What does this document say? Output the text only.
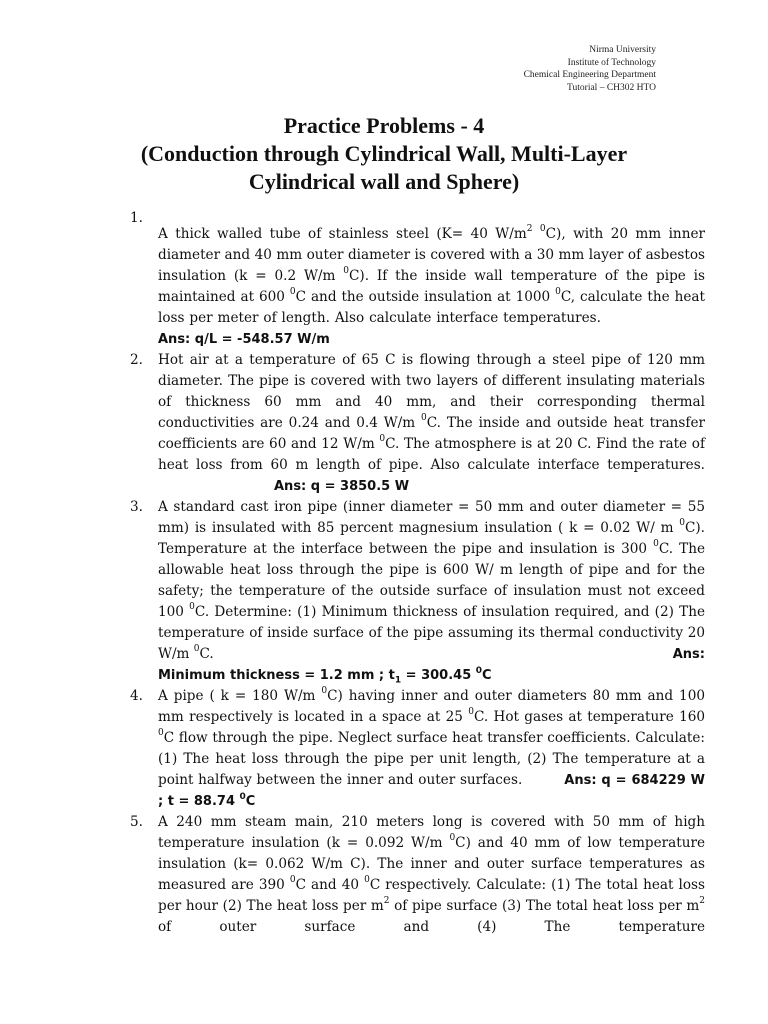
Nirma University
Institute of Technology
Chemical Engineering Department
Tutorial – CH302 HTO
Practice Problems - 4
(Conduction through Cylindrical Wall, Multi-Layer
Cylindrical wall and Sphere)
1.
A thick walled tube of stainless steel (K= 40 $W/m^2$ $^0$C), with 20 mm inner diameter and 40 mm outer diameter is covered with a 30 mm layer of asbestos insulation (k = 0.2 W/m $^0$C). If the inside wall temperature of the pipe is maintained at 600 $^0$C and the outside insulation at 1000 $^0$C, calculate the heat loss per meter of length. Also calculate interface temperatures.Ans: q/L = -548.57 W/m
2.	Hot air at a temperature of 65 C is flowing through a steel pipe of 120 mm diameter. The pipe is covered with two layers of different insulating materials of thickness 60 mm and 40 mm, and their corresponding thermal conductivities are 0.24 and 0.4 W/m $^0$C. The inside and outside heat transfer coefficients are 60 and 12 W/m $^0$C. The atmosphere is at 20 C. Find the rate of heat loss from 60 m length of pipe. Also calculate interface temperatures.Ans: q = 3850.5 W
3.	A standard cast iron pipe (inner diameter = 50 mm and outer diameter = 55 mm) is insulated with 85 percent magnesium insulation ( k = 0.02 W/ m $^0$C). Temperature at the interface between the pipe and insulation is 300 $^0$C. The allowable heat loss through the pipe is 600 W/ m length of pipe and for the safety; the temperature of the outside surface of insulation must not exceed 100 $^0$C. Determine: (1) Minimum thickness of insulation required, and (2) The temperature of inside surface of the pipe assuming its thermal conductivity 20 W/m $^0$C.	Ans:

Minimum thickness = 1.2 mm ; $t_1 = 300.45$ $^0$C
4.	A pipe ( k = 180 W/m $^0$C) having inner and outer diameters 80 mm and 100 mm respectively is located in a space at 25 $^0$C. Hot gases at temperature 160 $^0$C flow through the pipe. Neglect surface heat transfer coefficients. Calculate: (1) The heat loss through the pipe per unit length, (2) The temperature at a point halfway between the inner and outer surfaces.	Ans: q = 684229 W ; t = 88.74 $^0$C
5.	A 240 mm steam main, 210 meters long is covered with 50 mm of high temperature insulation (k = 0.092 W/m $^0$C) and 40 mm of low temperature insulation (k= 0.062 W/m C). The inner and outer surface temperatures as measured are 390 $^0$C and 40 $^0$C respectively. Calculate: (1) The total heat loss per hour (2) The heat loss per $m^2$ of pipe surface (3) The total heat loss per $m^2$ of outer surface and (4) The temperature
